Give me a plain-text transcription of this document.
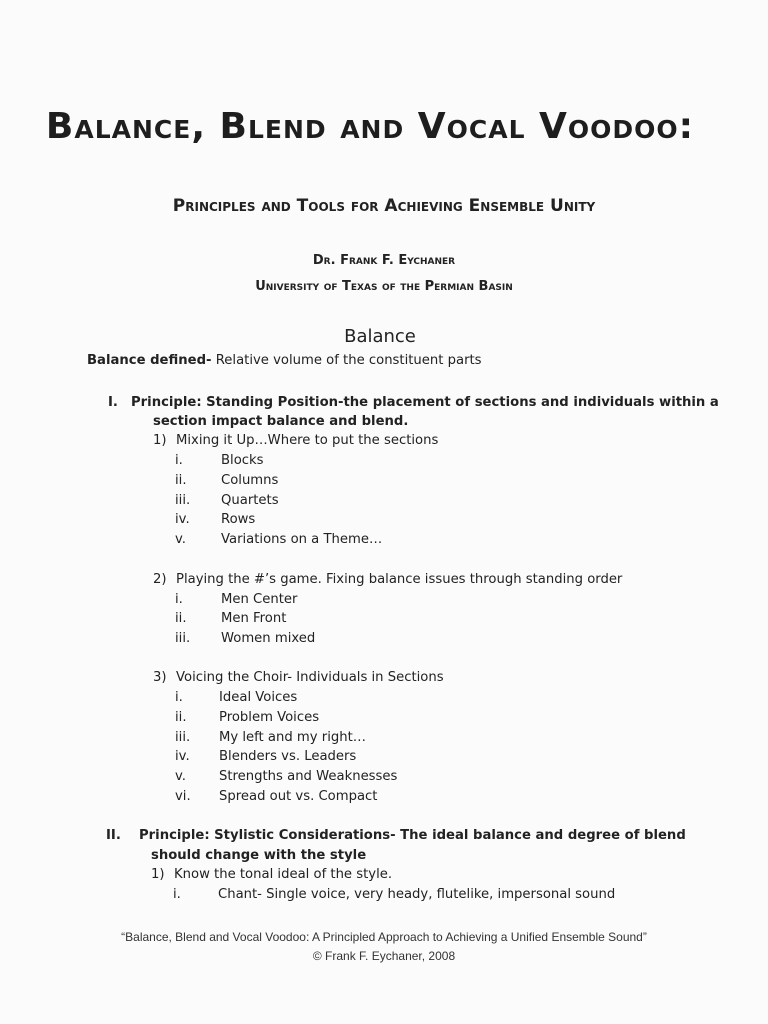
Balance, Blend and Vocal Voodoo:
Principles and Tools for Achieving Ensemble Unity
Dr. Frank F. Eychaner
University of Texas of the Permian Basin
Balance
Balance defined- Relative volume of the constituent parts
I. Principle: Standing Position-the placement of sections and individuals within a
section impact balance and blend.
1) Mixing it Up…Where to put the sections
i.	Blocks
ii.	Columns
iii. Quartets
iv. Rows
v.	Variations on a Theme…
2) Playing the #’s game. Fixing balance issues through standing order
i.	Men Center
ii.	Men Front
iii. Women mixed
3) Voicing the Choir- Individuals in Sections
i.	Ideal Voices
ii. Problem Voices
iii. My left and my right…
iv. Blenders vs. Leaders
v.	Strengths and Weaknesses
vi. Spread out vs. Compact
II. Principle: Stylistic Considerations- The ideal balance and degree of blend
should change with the style
1) Know the tonal ideal of the style.
i.	Chant- Single voice, very heady, flutelike, impersonal sound
“Balance, Blend and Vocal Voodoo: A Principled Approach to Achieving a Unified Ensemble Sound”
© Frank F. Eychaner, 2008
